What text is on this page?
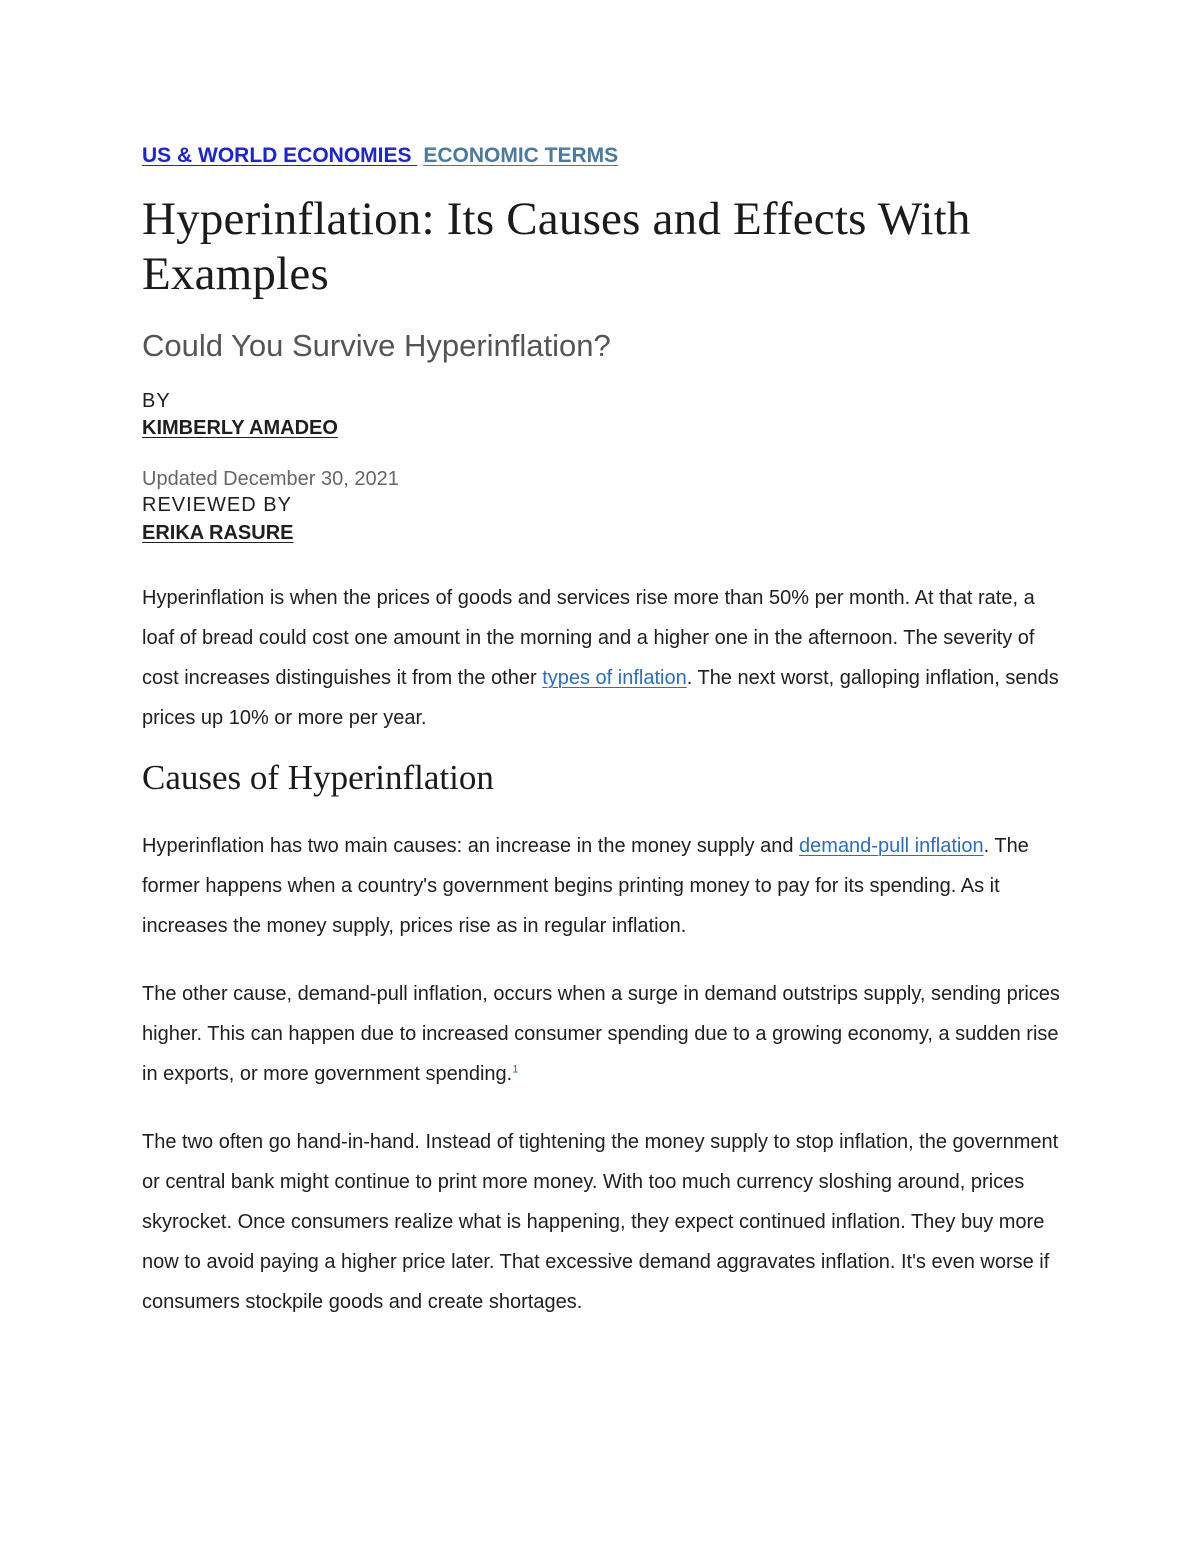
US & WORLD ECONOMIES ECONOMIC TERMS

Hyperinflation: Its Causes and Effects With Examples

Could You Survive Hyperinflation?

BY

KIMBERLY AMADEO

Updated December 30, 2021

REVIEWED BY

ERIKA RASURE

Hyperinflation is when the prices of goods and services rise more than 50% per month. At that rate, a loaf of bread could cost one amount in the morning and a higher one in the afternoon. The severity of cost increases distinguishes it from the other types of inflation. The next worst, galloping inflation, sends prices up 10% or more per year.

Causes of Hyperinflation

Hyperinflation has two main causes: an increase in the money supply and demand-pull inflation. The former happens when a country's government begins printing money to pay for its spending. As it increases the money supply, prices rise as in regular inflation.

The other cause, demand-pull inflation, occurs when a surge in demand outstrips supply, sending prices higher. This can happen due to increased consumer spending due to a growing economy, a sudden rise in exports, or more government spending.$^1$

The two often go hand-in-hand. Instead of tightening the money supply to stop inflation, the government or central bank might continue to print more money. With too much currency sloshing around, prices skyrocket. Once consumers realize what is happening, they expect continued inflation. They buy more now to avoid paying a higher price later. That excessive demand aggravates inflation. It's even worse if consumers stockpile goods and create shortages.
